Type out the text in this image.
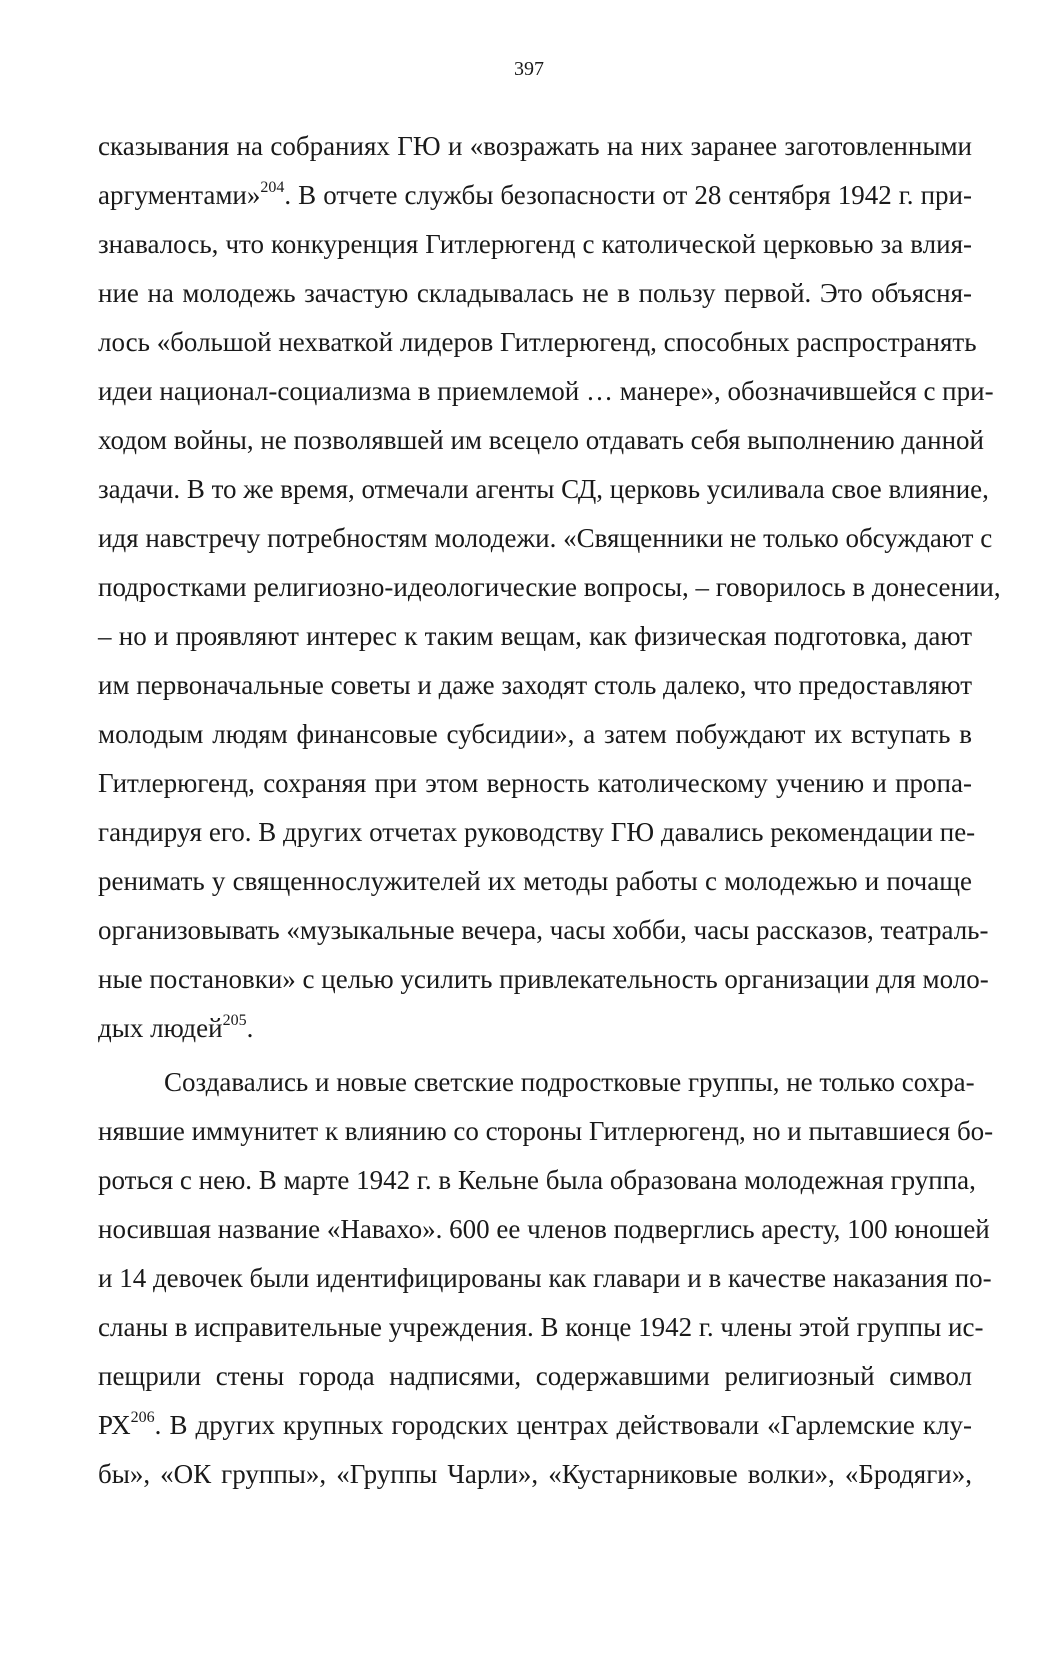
397
сказывания на собраниях ГЮ и «возражать на них заранее заготовленными
аргументами»$^{204}$. В отчете службы безопасности от 28 сентября 1942 г. при-
знавалось, что конкуренция Гитлерюгенд с католической церковью за влия-
ние на молодежь зачастую складывалась не в пользу первой. Это объясня-
лось «большой нехваткой лидеров Гитлерюгенд, способных распространять
идеи национал-социализма в приемлемой … манере», обозначившейся с при-
ходом войны, не позволявшей им всецело отдавать себя выполнению данной
задачи. В то же время, отмечали агенты СД, церковь усиливала свое влияние,
идя навстречу потребностям молодежи. «Священники не только обсуждают с
подростками религиозно-идеологические вопросы, – говорилось в донесении,
– но и проявляют интерес к таким вещам, как физическая подготовка, дают
им первоначальные советы и даже заходят столь далеко, что предоставляют
молодым людям финансовые субсидии», а затем побуждают их вступать в
Гитлерюгенд, сохраняя при этом верность католическому учению и пропа-
гандируя его. В других отчетах руководству ГЮ давались рекомендации пе-
ренимать у священнослужителей их методы работы с молодежью и почаще
организовывать «музыкальные вечера, часы хобби, часы рассказов, театраль-
ные постановки» с целью усилить привлекательность организации для моло-
дых людей$^{205}$.
Создавались и новые светские подростковые группы, не только сохра-
нявшие иммунитет к влиянию со стороны Гитлерюгенд, но и пытавшиеся бо-
роться с нею. В марте 1942 г. в Кельне была образована молодежная группа,
носившая название «Навахо». 600 ее членов подверглись аресту, 100 юношей
и 14 девочек были идентифицированы как главари и в качестве наказания по-
сланы в исправительные учреждения. В конце 1942 г. члены этой группы ис-
пещрили стены города надписями, содержавшими религиозный символ
РХ$^{206}$. В других крупных городских центрах действовали «Гарлемские клу-
бы», «ОК группы», «Группы Чарли», «Кустарниковые волки», «Бродяги»,
